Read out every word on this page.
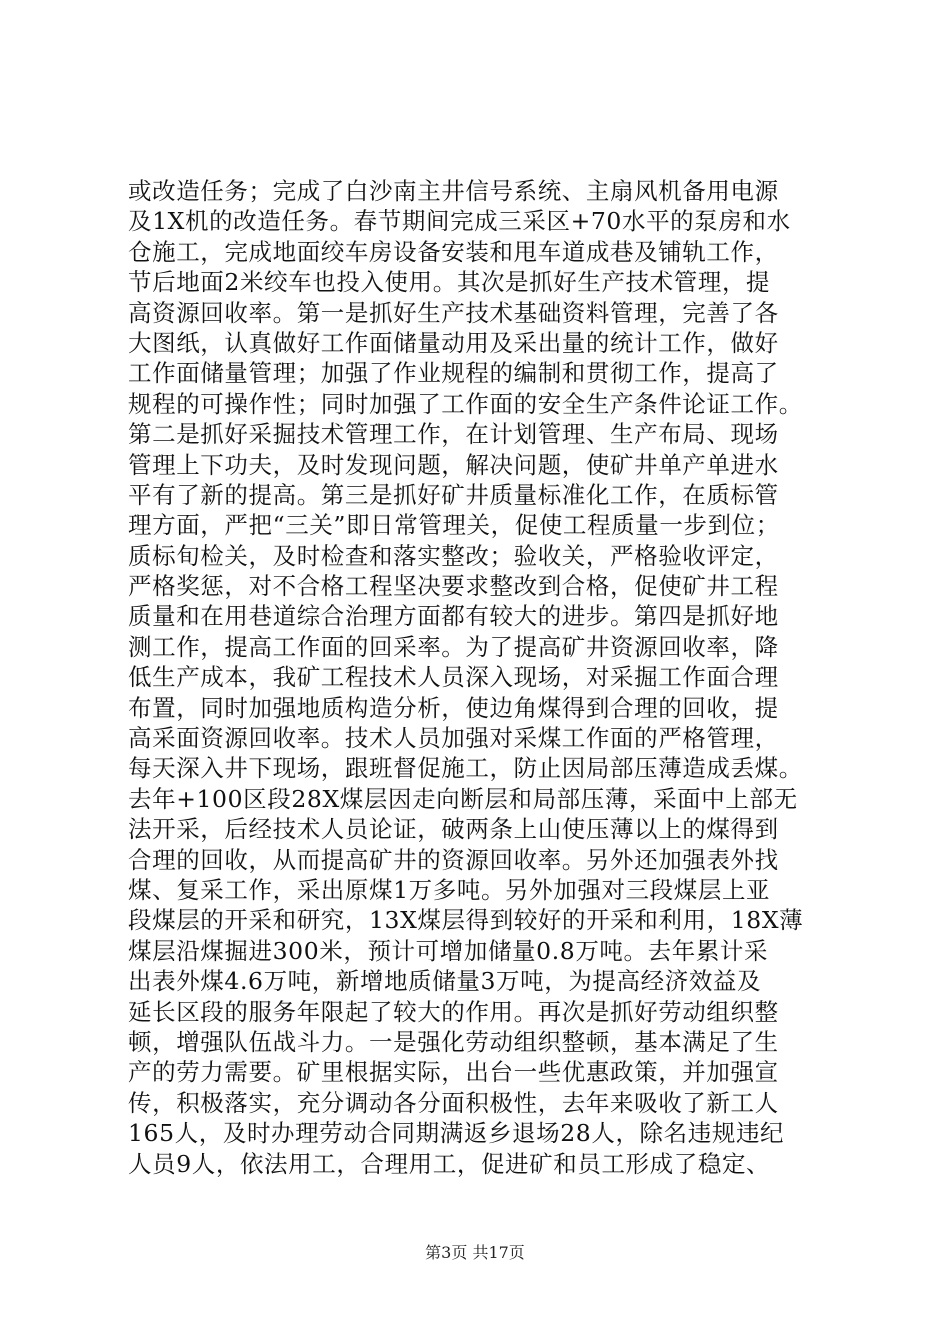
或改造任务；完成了白沙南主井信号系统、主扇风机备用电源
及1X机的改造任务。春节期间完成三采区+70水平的泵房和水
仓施工，完成地面绞车房设备安装和甩车道成巷及铺轨工作，
节后地面2米绞车也投入使用。其次是抓好生产技术管理，提
高资源回收率。第一是抓好生产技术基础资料管理，完善了各
大图纸，认真做好工作面储量动用及采出量的统计工作，做好
工作面储量管理；加强了作业规程的编制和贯彻工作，提高了
规程的可操作性；同时加强了工作面的安全生产条件论证工作。
第二是抓好采掘技术管理工作，在计划管理、生产布局、现场
管理上下功夫，及时发现问题，解决问题，使矿井单产单进水
平有了新的提高。第三是抓好矿井质量标准化工作，在质标管
理方面，严把“三关”即日常管理关，促使工程质量一步到位；
质标旬检关，及时检查和落实整改；验收关，严格验收评定，
严格奖惩，对不合格工程坚决要求整改到合格，促使矿井工程
质量和在用巷道综合治理方面都有较大的进步。第四是抓好地
测工作，提高工作面的回采率。为了提高矿井资源回收率，降
低生产成本，我矿工程技术人员深入现场，对采掘工作面合理
布置，同时加强地质构造分析，使边角煤得到合理的回收，提
高采面资源回收率。技术人员加强对采煤工作面的严格管理，
每天深入井下现场，跟班督促施工，防止因局部压薄造成丢煤。
去年+100区段28X煤层因走向断层和局部压薄，采面中上部无
法开采，后经技术人员论证，破两条上山使压薄以上的煤得到
合理的回收，从而提高矿井的资源回收率。另外还加强表外找
煤、复采工作，采出原煤1万多吨。另外加强对三段煤层上亚
段煤层的开采和研究，13X煤层得到较好的开采和利用，18X薄
煤层沿煤掘进300米，预计可增加储量0.8万吨。去年累计采
出表外煤4.6万吨，新增地质储量3万吨，为提高经济效益及
延长区段的服务年限起了较大的作用。再次是抓好劳动组织整
顿，增强队伍战斗力。一是强化劳动组织整顿，基本满足了生
产的劳力需要。矿里根据实际，出台一些优惠政策，并加强宣
传，积极落实，充分调动各分面积极性，去年来吸收了新工人
165人，及时办理劳动合同期满返乡退场28人，除名违规违纪
人员9人，依法用工，合理用工，促进矿和员工形成了稳定、
第3页 共17页
